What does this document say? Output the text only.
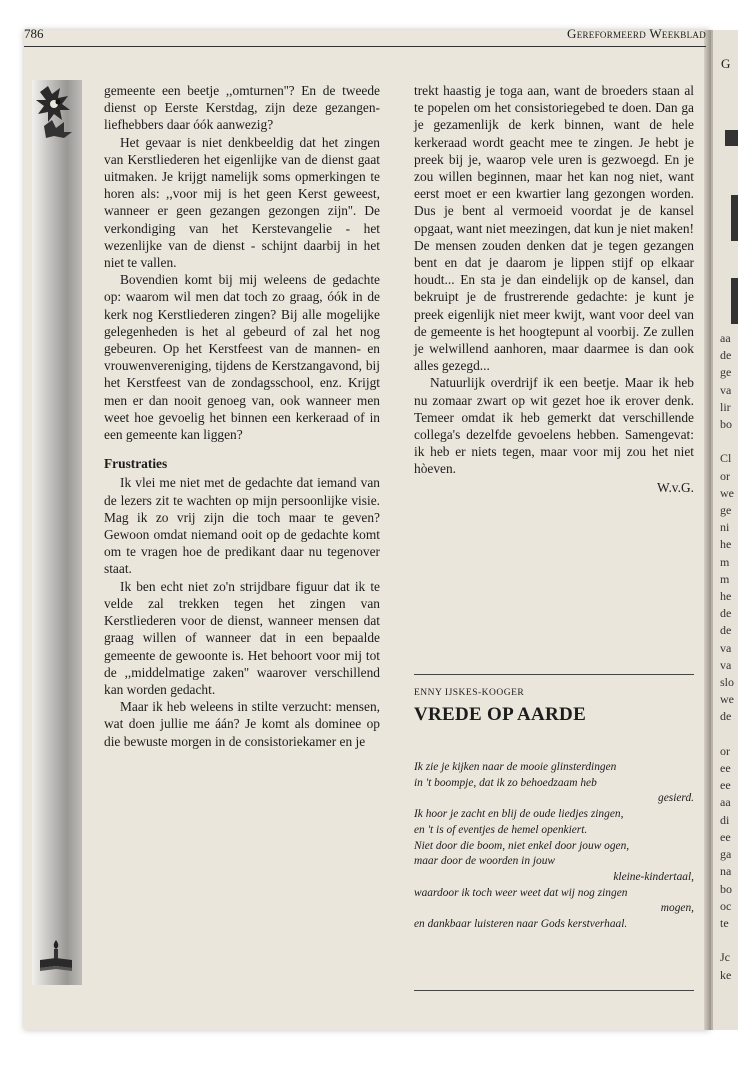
G
aa
de
ge
va
lir
bo

Cl
or
we
ge
ni
he
m
m
he
de
de
va
va
slo
we
de

or
ee
ee
aa
di
ee
ga
na
bo
oc
te

Jc
ke
786	Gereformeerd Weekblad

gemeente een beetje ,,omturnen''? En de tweede dienst op Eerste Kerstdag, zijn deze gezangen-liefhebbers daar óók aanwezig?

Het gevaar is niet denkbeeldig dat het zingen van Kerstliederen het eigenlijke van de dienst gaat uitmaken. Je krijgt namelijk soms opmerkingen te horen als: ,,voor mij is het geen Kerst geweest, wanneer er geen gezangen gezongen zijn''. De verkondiging van het Kerstevangelie - het wezenlijke van de dienst - schijnt daarbij in het niet te vallen.

Bovendien komt bij mij weleens de gedachte op: waarom wil men dat toch zo graag, óók in de kerk nog Kerstliederen zingen? Bij alle mogelijke gelegenheden is het al gebeurd of zal het nog gebeuren. Op het Kerstfeest van de mannen- en vrouwenvereniging, tijdens de Kerstzangavond, bij het Kerstfeest van de zondagsschool, enz. Krijgt men er dan nooit genoeg van, ook wanneer men weet hoe gevoelig het binnen een kerkeraad of in een gemeente kan liggen?

Frustraties

Ik vlei me niet met de gedachte dat iemand van de lezers zit te wachten op mijn persoonlijke visie. Mag ik zo vrij zijn die toch maar te geven? Gewoon omdat niemand ooit op de gedachte komt om te vragen hoe de predikant daar nu tegenover staat.

Ik ben echt niet zo'n strijdbare figuur dat ik te velde zal trekken tegen het zingen van Kerstliederen voor de dienst, wanneer mensen dat graag willen of wanneer dat in een bepaalde gemeente de gewoonte is. Het behoort voor mij tot de ,,middelmatige zaken'' waarover verschillend kan worden gedacht.

Maar ik heb weleens in stilte verzucht: mensen, wat doen jullie me áán? Je komt als dominee op die bewuste morgen in de consistoriekamer en je

trekt haastig je toga aan, want de broeders staan al te popelen om het consistoriegebed te doen. Dan ga je gezamenlijk de kerk binnen, want de hele kerkeraad wordt geacht mee te zingen. Je hebt je preek bij je, waarop vele uren is gezwoegd. En je zou willen beginnen, maar het kan nog niet, want eerst moet er een kwartier lang gezongen worden. Dus je bent al vermoeid voordat je de kansel opgaat, want niet meezingen, dat kun je niet maken! De mensen zouden denken dat je tegen gezangen bent en dat je daarom je lippen stijf op elkaar houdt... En sta je dan eindelijk op de kansel, dan bekruipt je de frustrerende gedachte: je kunt je preek eigenlijk niet meer kwijt, want voor deel van de gemeente is het hoogtepunt al voorbij. Ze zullen je welwillend aanhoren, maar daarmee is dan ook alles gezegd...

Natuurlijk overdrijf ik een beetje. Maar ik heb nu zomaar zwart op wit gezet hoe ik erover denk. Temeer omdat ik heb gemerkt dat verschillende collega's dezelfde gevoelens hebben. Samengevat: ik heb er niets tegen, maar voor mij zou het niet hòeven.

W.v.G.
ENNY IJSKES-KOOGER
VREDE OP AARDE
Ik zie je kijken naar de mooie glinsterdingen
in 't boompje, dat ik zo behoedzaam heb
gesierd.
Ik hoor je zacht en blij de oude liedjes zingen,
en 't is of eventjes de hemel openkiert.
Niet door die boom, niet enkel door jouw ogen,
maar door de woorden in jouw
kleine-kindertaal,
waardoor ik toch weer weet dat wij nog zingen
mogen,
en dankbaar luisteren naar Gods kerstverhaal.
